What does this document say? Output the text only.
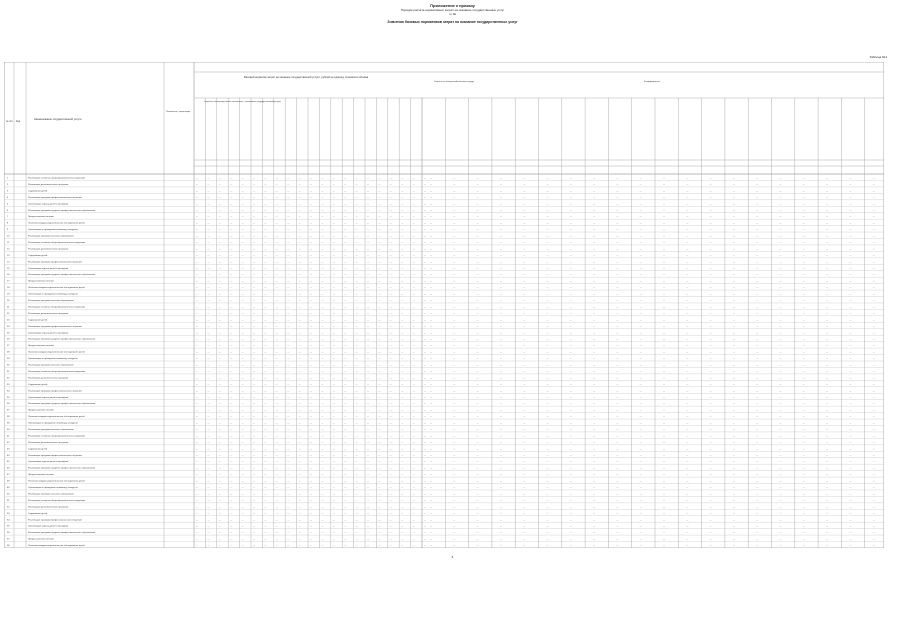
Приложение к приказу
Порядок расчёта нормативных затрат на оказание государственных услуг
от №
Значения базовых нормативов затрат на оказание государственных услуг
Таблица №1
№ п/п Код
Наименование государственной услуги
Показатель, характериз
Базовый норматив затрат на оказание государственной услуги, рублей на единицу показателя объёма
Затраты, непосредственно связанные с оказанием государственной услуги
Затраты на общехозяйственные нужды	Коэффициенты
1	Реализация основных общеобразовательных программ	—	—	—	—	—	—	—	—	—	—	—	—	—	—	—	—	—	—	—	—	— —	—	—	—	—	—	—	—	—	—	—	—	—	—	—	—	—	—	—	—
2	Реализация дополнительных программ	—	—	—	—	—	—	—	—	—	—	—	—	—	—	—	—	—	—	—	—	— —	—	—	—	—	—	—	—	—	—	—	—	—	—	—	—	—	—	—	—
3	Содержание детей	—	—	—	—	—	—	—	—	—	—	—	—	—	—	—	—	—	—	—	—	— —	—	—	—	—	—	—	—	—	—	—	—	—	—	—	—	—	—	—	—
4	Реализация программ профессионального обучения	—	—	—	—	—	—	—	—	—	—	—	—	—	—	—	—	—	—	—	—	— —	—	—	—	—	—	—	—	—	—	—	—	—	—	—	—	—	—	—	—
5	Организация отдыха детей и молодёжи	—	—	—	—	—	—	—	—	—	—	—	—	—	—	—	—	—	—	—	—	— —	—	—	—	—	—	—	—	—	—	—	—	—	—	—	—	—	—	—	—
6	Реализация программ среднего профессионального образования	—	—	—	—	—	—	—	—	—	—	—	—	—	—	—	—	—	—	—	—	— —	—	—	—	—	—	—	—	—	—	—	—	—	—	—	—	—	—	—	—
7	Предоставление питания	—	—	—	—	—	—	—	—	—	—	—	—	—	—	—	—	—	—	—	—	— —	—	—	—	—	—	—	—	—	—	—	—	—	—	—	—	—	—	—	—
8	Психолого-медико-педагогическое обследование детей	—	—	—	—	—	—	—	—	—	—	—	—	—	—	—	—	—	—	—	—	— —	—	—	—	—	—	—	—	—	—	—	—	—	—	—	—	—	—	—	—
9	Организация и проведение олимпиад, конкурсов	—	—	—	—	—	—	—	—	—	—	—	—	—	—	—	—	—	—	—	—	— —	—	—	—	—	—	—	—	—	—	—	—	—	—	—	—	—	—	—	—
10	Реализация программ высшего образования	—	—	—	—	—	—	—	—	—	—	—	—	—	—	—	—	—	—	—	—	— —	—	—	—	—	—	—	—	—	—	—	—	—	—	—	—	—	—	—	—
11	Реализация основных общеобразовательных программ	—	—	—	—	—	—	—	—	—	—	—	—	—	—	—	—	—	—	—	—	— —	—	—	—	—	—	—	—	—	—	—	—	—	—	—	—	—	—	—	—
12	Реализация дополнительных программ	—	—	—	—	—	—	—	—	—	—	—	—	—	—	—	—	—	—	—	—	— —	—	—	—	—	—	—	—	—	—	—	—	—	—	—	—	—	—	—	—
13	Содержание детей	—	—	—	—	—	—	—	—	—	—	—	—	—	—	—	—	—	—	—	—	— —	—	—	—	—	—	—	—	—	—	—	—	—	—	—	—	—	—	—	—
14	Реализация программ профессионального обучения	—	—	—	—	—	—	—	—	—	—	—	—	—	—	—	—	—	—	—	—	— —	—	—	—	—	—	—	—	—	—	—	—	—	—	—	—	—	—	—	—
15	Организация отдыха детей и молодёжи	—	—	—	—	—	—	—	—	—	—	—	—	—	—	—	—	—	—	—	—	— —	—	—	—	—	—	—	—	—	—	—	—	—	—	—	—	—	—	—	—
16	Реализация программ среднего профессионального образования	—	—	—	—	—	—	—	—	—	—	—	—	—	—	—	—	—	—	—	—	— —	—	—	—	—	—	—	—	—	—	—	—	—	—	—	—	—	—	—	—
17	Предоставление питания	—	—	—	—	—	—	—	—	—	—	—	—	—	—	—	—	—	—	—	—	— —	—	—	—	—	—	—	—	—	—	—	—	—	—	—	—	—	—	—	—
18	Психолого-медико-педагогическое обследование детей	—	—	—	—	—	—	—	—	—	—	—	—	—	—	—	—	—	—	—	—	— —	—	—	—	—	—	—	—	—	—	—	—	—	—	—	—	—	—	—	—
19	Организация и проведение олимпиад, конкурсов	—	—	—	—	—	—	—	—	—	—	—	—	—	—	—	—	—	—	—	—	— —	—	—	—	—	—	—	—	—	—	—	—	—	—	—	—	—	—	—	—
20	Реализация программ высшего образования	—	—	—	—	—	—	—	—	—	—	—	—	—	—	—	—	—	—	—	—	— —	—	—	—	—	—	—	—	—	—	—	—	—	—	—	—	—	—	—	—
21	Реализация основных общеобразовательных программ	—	—	—	—	—	—	—	—	—	—	—	—	—	—	—	—	—	—	—	—	— —	—	—	—	—	—	—	—	—	—	—	—	—	—	—	—	—	—	—	—
22	Реализация дополнительных программ	—	—	—	—	—	—	—	—	—	—	—	—	—	—	—	—	—	—	—	—	— —	—	—	—	—	—	—	—	—	—	—	—	—	—	—	—	—	—	—	—
23	Содержание детей	—	—	—	—	—	—	—	—	—	—	—	—	—	—	—	—	—	—	—	—	— —	—	—	—	—	—	—	—	—	—	—	—	—	—	—	—	—	—	—	—
24	Реализация программ профессионального обучения	—	—	—	—	—	—	—	—	—	—	—	—	—	—	—	—	—	—	—	—	— —	—	—	—	—	—	—	—	—	—	—	—	—	—	—	—	—	—	—	—
25	Организация отдыха детей и молодёжи	—	—	—	—	—	—	—	—	—	—	—	—	—	—	—	—	—	—	—	—	— —	—	—	—	—	—	—	—	—	—	—	—	—	—	—	—	—	—	—	—
26	Реализация программ среднего профессионального образования	—	—	—	—	—	—	—	—	—	—	—	—	—	—	—	—	—	—	—	—	— —	—	—	—	—	—	—	—	—	—	—	—	—	—	—	—	—	—	—	—
27	Предоставление питания	—	—	—	—	—	—	—	—	—	—	—	—	—	—	—	—	—	—	—	—	— —	—	—	—	—	—	—	—	—	—	—	—	—	—	—	—	—	—	—	—
28	Психолого-медико-педагогическое обследование детей	—	—	—	—	—	—	—	—	—	—	—	—	—	—	—	—	—	—	—	—	— —	—	—	—	—	—	—	—	—	—	—	—	—	—	—	—	—	—	—	—
29	Организация и проведение олимпиад, конкурсов	—	—	—	—	—	—	—	—	—	—	—	—	—	—	—	—	—	—	—	—	— —	—	—	—	—	—	—	—	—	—	—	—	—	—	—	—	—	—	—	—
30	Реализация программ высшего образования	—	—	—	—	—	—	—	—	—	—	—	—	—	—	—	—	—	—	—	—	— —	—	—	—	—	—	—	—	—	—	—	—	—	—	—	—	—	—	—	—
31	Реализация основных общеобразовательных программ	—	—	—	—	—	—	—	—	—	—	—	—	—	—	—	—	—	—	—	—	— —	—	—	—	—	—	—	—	—	—	—	—	—	—	—	—	—	—	—	—
32	Реализация дополнительных программ	—	—	—	—	—	—	—	—	—	—	—	—	—	—	—	—	—	—	—	—	— —	—	—	—	—	—	—	—	—	—	—	—	—	—	—	—	—	—	—	—
33	Содержание детей	—	—	—	—	—	—	—	—	—	—	—	—	—	—	—	—	—	—	—	—	— —	—	—	—	—	—	—	—	—	—	—	—	—	—	—	—	—	—	—	—
34	Реализация программ профессионального обучения	—	—	—	—	—	—	—	—	—	—	—	—	—	—	—	—	—	—	—	—	— —	—	—	—	—	—	—	—	—	—	—	—	—	—	—	—	—	—	—	—
35	Организация отдыха детей и молодёжи	—	—	—	—	—	—	—	—	—	—	—	—	—	—	—	—	—	—	—	—	— —	—	—	—	—	—	—	—	—	—	—	—	—	—	—	—	—	—	—	—
36	Реализация программ среднего профессионального образования	—	—	—	—	—	—	—	—	—	—	—	—	—	—	—	—	—	—	—	—	— —	—	—	—	—	—	—	—	—	—	—	—	—	—	—	—	—	—	—	—
37	Предоставление питания	—	—	—	—	—	—	—	—	—	—	—	—	—	—	—	—	—	—	—	—	— —	—	—	—	—	—	—	—	—	—	—	—	—	—	—	—	—	—	—	—
38	Психолого-медико-педагогическое обследование детей	—	—	—	—	—	—	—	—	—	—	—	—	—	—	—	—	—	—	—	—	— —	—	—	—	—	—	—	—	—	—	—	—	—	—	—	—	—	—	—	—
39	Организация и проведение олимпиад, конкурсов	—	—	—	—	—	—	—	—	—	—	—	—	—	—	—	—	—	—	—	—	— —	—	—	—	—	—	—	—	—	—	—	—	—	—	—	—	—	—	—	—
40	Реализация программ высшего образования	—	—	—	—	—	—	—	—	—	—	—	—	—	—	—	—	—	—	—	—	— —	—	—	—	—	—	—	—	—	—	—	—	—	—	—	—	—	—	—	—
41	Реализация основных общеобразовательных программ	—	—	—	—	—	—	—	—	—	—	—	—	—	—	—	—	—	—	—	—	— —	—	—	—	—	—	—	—	—	—	—	—	—	—	—	—	—	—	—	—
42	Реализация дополнительных программ	—	—	—	—	—	—	—	—	—	—	—	—	—	—	—	—	—	—	—	—	— —	—	—	—	—	—	—	—	—	—	—	—	—	—	—	—	—	—	—	—
43	Содержание детей	—	—	—	—	—	—	—	—	—	—	—	—	—	—	—	—	—	—	—	—	— —	—	—	—	—	—	—	—	—	—	—	—	—	—	—	—	—	—	—	—
44	Реализация программ профессионального обучения	—	—	—	—	—	—	—	—	—	—	—	—	—	—	—	—	—	—	—	—	— —	—	—	—	—	—	—	—	—	—	—	—	—	—	—	—	—	—	—	—
45	Организация отдыха детей и молодёжи	—	—	—	—	—	—	—	—	—	—	—	—	—	—	—	—	—	—	—	—	— —	—	—	—	—	—	—	—	—	—	—	—	—	—	—	—	—	—	—	—
46	Реализация программ среднего профессионального образования	—	—	—	—	—	—	—	—	—	—	—	—	—	—	—	—	—	—	—	—	— —	—	—	—	—	—	—	—	—	—	—	—	—	—	—	—	—	—	—	—
47	Предоставление питания	—	—	—	—	—	—	—	—	—	—	—	—	—	—	—	—	—	—	—	—	— —	—	—	—	—	—	—	—	—	—	—	—	—	—	—	—	—	—	—	—
48	Психолого-медико-педагогическое обследование детей	—	—	—	—	—	—	—	—	—	—	—	—	—	—	—	—	—	—	—	—	— —	—	—	—	—	—	—	—	—	—	—	—	—	—	—	—	—	—	—	—
49	Организация и проведение олимпиад, конкурсов	—	—	—	—	—	—	—	—	—	—	—	—	—	—	—	—	—	—	—	—	— —	—	—	—	—	—	—	—	—	—	—	—	—	—	—	—	—	—	—	—
50	Реализация программ высшего образования	—	—	—	—	—	—	—	—	—	—	—	—	—	—	—	—	—	—	—	—	— —	—	—	—	—	—	—	—	—	—	—	—	—	—	—	—	—	—	—	—
51	Реализация основных общеобразовательных программ	—	—	—	—	—	—	—	—	—	—	—	—	—	—	—	—	—	—	—	—	— —	—	—	—	—	—	—	—	—	—	—	—	—	—	—	—	—	—	—	—
52	Реализация дополнительных программ	—	—	—	—	—	—	—	—	—	—	—	—	—	—	—	—	—	—	—	—	— —	—	—	—	—	—	—	—	—	—	—	—	—	—	—	—	—	—	—	—
53	Содержание детей	—	—	—	—	—	—	—	—	—	—	—	—	—	—	—	—	—	—	—	—	— —	—	—	—	—	—	—	—	—	—	—	—	—	—	—	—	—	—	—	—
54	Реализация программ профессионального обучения	—	—	—	—	—	—	—	—	—	—	—	—	—	—	—	—	—	—	—	—	— —	—	—	—	—	—	—	—	—	—	—	—	—	—	—	—	—	—	—	—
55	Организация отдыха детей и молодёжи	—	—	—	—	—	—	—	—	—	—	—	—	—	—	—	—	—	—	—	—	— —	—	—	—	—	—	—	—	—	—	—	—	—	—	—	—	—	—	—	—
56	Реализация программ среднего профессионального образования	—	—	—	—	—	—	—	—	—	—	—	—	—	—	—	—	—	—	—	—	— —	—	—	—	—	—	—	—	—	—	—	—	—	—	—	—	—	—	—	—
57	Предоставление питания	—	—	—	—	—	—	—	—	—	—	—	—	—	—	—	—	—	—	—	—	— —	—	—	—	—	—	—	—	—	—	—	—	—	—	—	—	—	—	—	—
58	Психолого-медико-педагогическое обследование детей	—	—	—	—	—	—	—	—	—	—	—	—	—	—	—	—	—	—	—	—	— —	—	—	—	—	—	—	—	—	—	—	—	—	—	—	—	—	—	—	—
6
